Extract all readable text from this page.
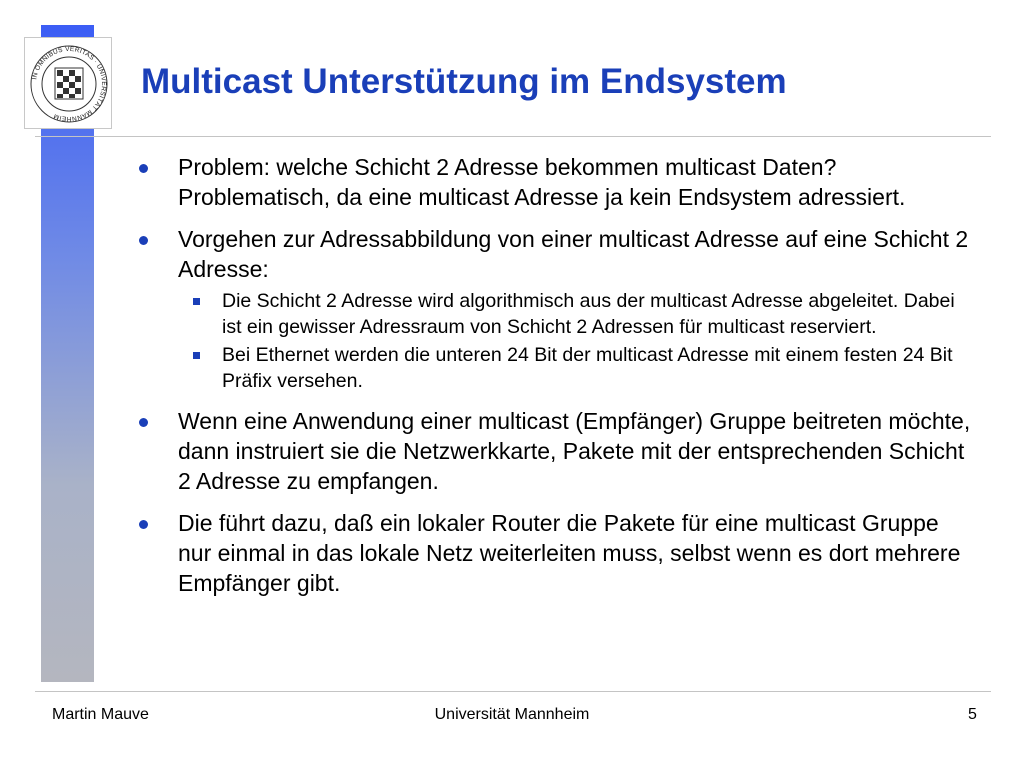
IN OMNIBUS VERITAS · UNIVERSITÄT MANNHEIM
Multicast Unterstützung im Endsystem
Problem: welche Schicht 2 Adresse bekommen multicast Daten? Problematisch, da eine multicast Adresse ja kein Endsystem adressiert.
Vorgehen zur Adressabbildung von einer multicast Adresse auf eine Schicht 2 Adresse:
Die Schicht 2 Adresse wird algorithmisch aus der multicast Adresse abgeleitet. Dabei ist ein gewisser Adressraum von Schicht 2 Adressen für multicast reserviert.
Bei Ethernet werden die unteren 24 Bit der multicast Adresse mit einem festen 24 Bit Präfix versehen.
Wenn eine Anwendung einer multicast (Empfänger) Gruppe beitreten möchte, dann instruiert sie die Netzwerkkarte, Pakete mit der entsprechenden Schicht 2 Adresse zu empfangen.
Die führt dazu, daß ein lokaler Router die Pakete für eine multicast Gruppe nur einmal in das lokale Netz weiterleiten muss, selbst wenn es dort mehrere Empfänger gibt.
Martin Mauve	Universität Mannheim	5
